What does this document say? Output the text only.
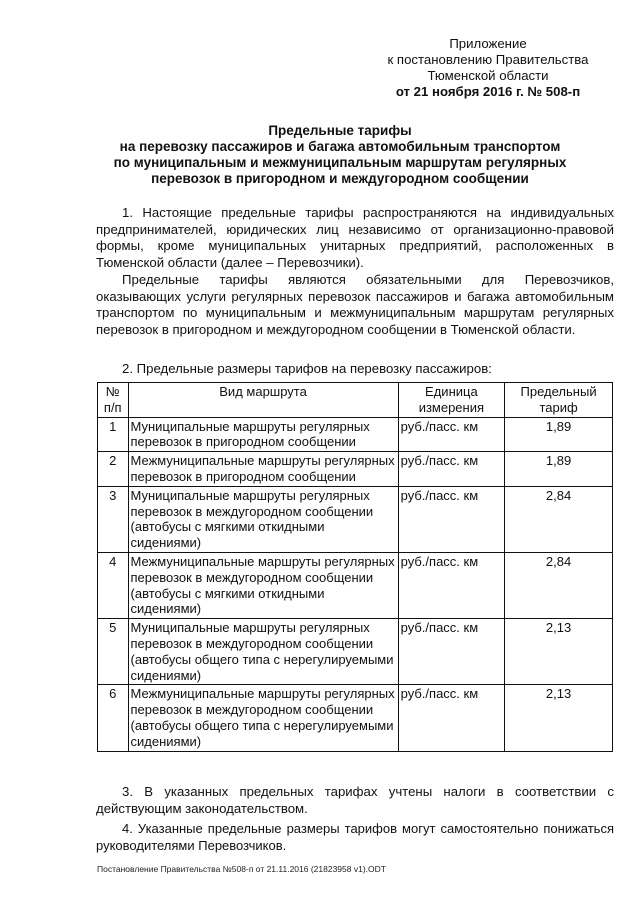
Приложение
к постановлению Правительства
Тюменской области
от 21 ноября 2016 г. № 508-п
Предельные тарифы
на перевозку пассажиров и багажа автомобильным транспортом
по муниципальным и межмуниципальным маршрутам регулярных
перевозок в пригородном и междугородном сообщении
1. Настоящие предельные тарифы распространяются на индивидуальных предпринимателей, юридических лиц независимо от организационно-правовой формы, кроме муниципальных унитарных предприятий, расположенных в Тюменской области (далее – Перевозчики).
Предельные тарифы являются обязательными для Перевозчиков, оказывающих услуги регулярных перевозок пассажиров и багажа автомобильным транспортом по муниципальным и межмуниципальным маршрутам регулярных перевозок в пригородном и междугородном сообщении в Тюменской области.
2. Предельные размеры тарифов на перевозку пассажиров:
№ п/п	Вид маршрута	Единица измерения	Предельный тариф
1	Муниципальные маршруты регулярных перевозок в пригородном сообщении	руб./пасс. км	1,89
2	Межмуниципальные маршруты регулярных перевозок в пригородном сообщении	руб./пасс. км	1,89
3	Муниципальные маршруты регулярных перевозок в междугородном сообщении (автобусы с мягкими откидными сидениями)	руб./пасс. км	2,84
4	Межмуниципальные маршруты регулярных перевозок в междугородном сообщении (автобусы с мягкими откидными сидениями)	руб./пасс. км	2,84
5	Муниципальные маршруты регулярных перевозок в междугородном сообщении (автобусы общего типа с нерегулируемыми сидениями)	руб./пасс. км	2,13
6	Межмуниципальные маршруты регулярных перевозок в междугородном сообщении (автобусы общего типа с нерегулируемыми сидениями)	руб./пасс. км	2,13
3. В указанных предельных тарифах учтены налоги в соответствии с действующим законодательством.
4. Указанные предельные размеры тарифов могут самостоятельно понижаться руководителями Перевозчиков.
Постановление Правительства №508-п от 21.11.2016 (21823958 v1).ODT
